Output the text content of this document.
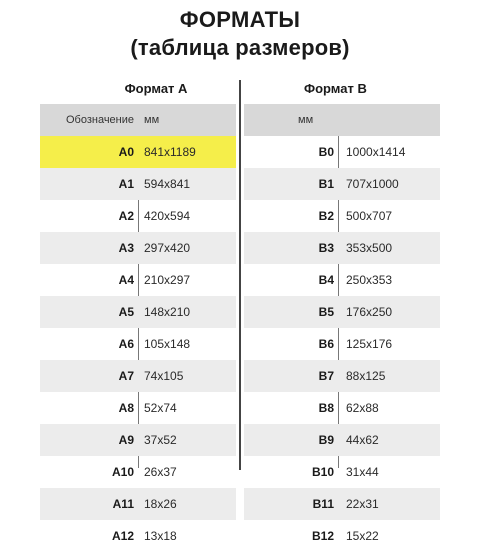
ФОРМАТЫ
(таблица размеров)
Формат А
Обозначение мм
A0 841x1189
A1 594x841
A2 420x594
A3 297x420
A4 210x297
A5 148x210
A6 105x148
A7 74x105
A8 52x74
A9 37x52
A10 26x37
A11 18x26
A12 13x18
Формат В
мм
B0	1000x1414
B1	707x1000
B2	500x707
B3	353x500
B4	250x353
B5	176x250
B6	125x176
B7	88x125
B8	62x88
B9	44x62
B10	31x44
B11	22x31
B12	15x22
